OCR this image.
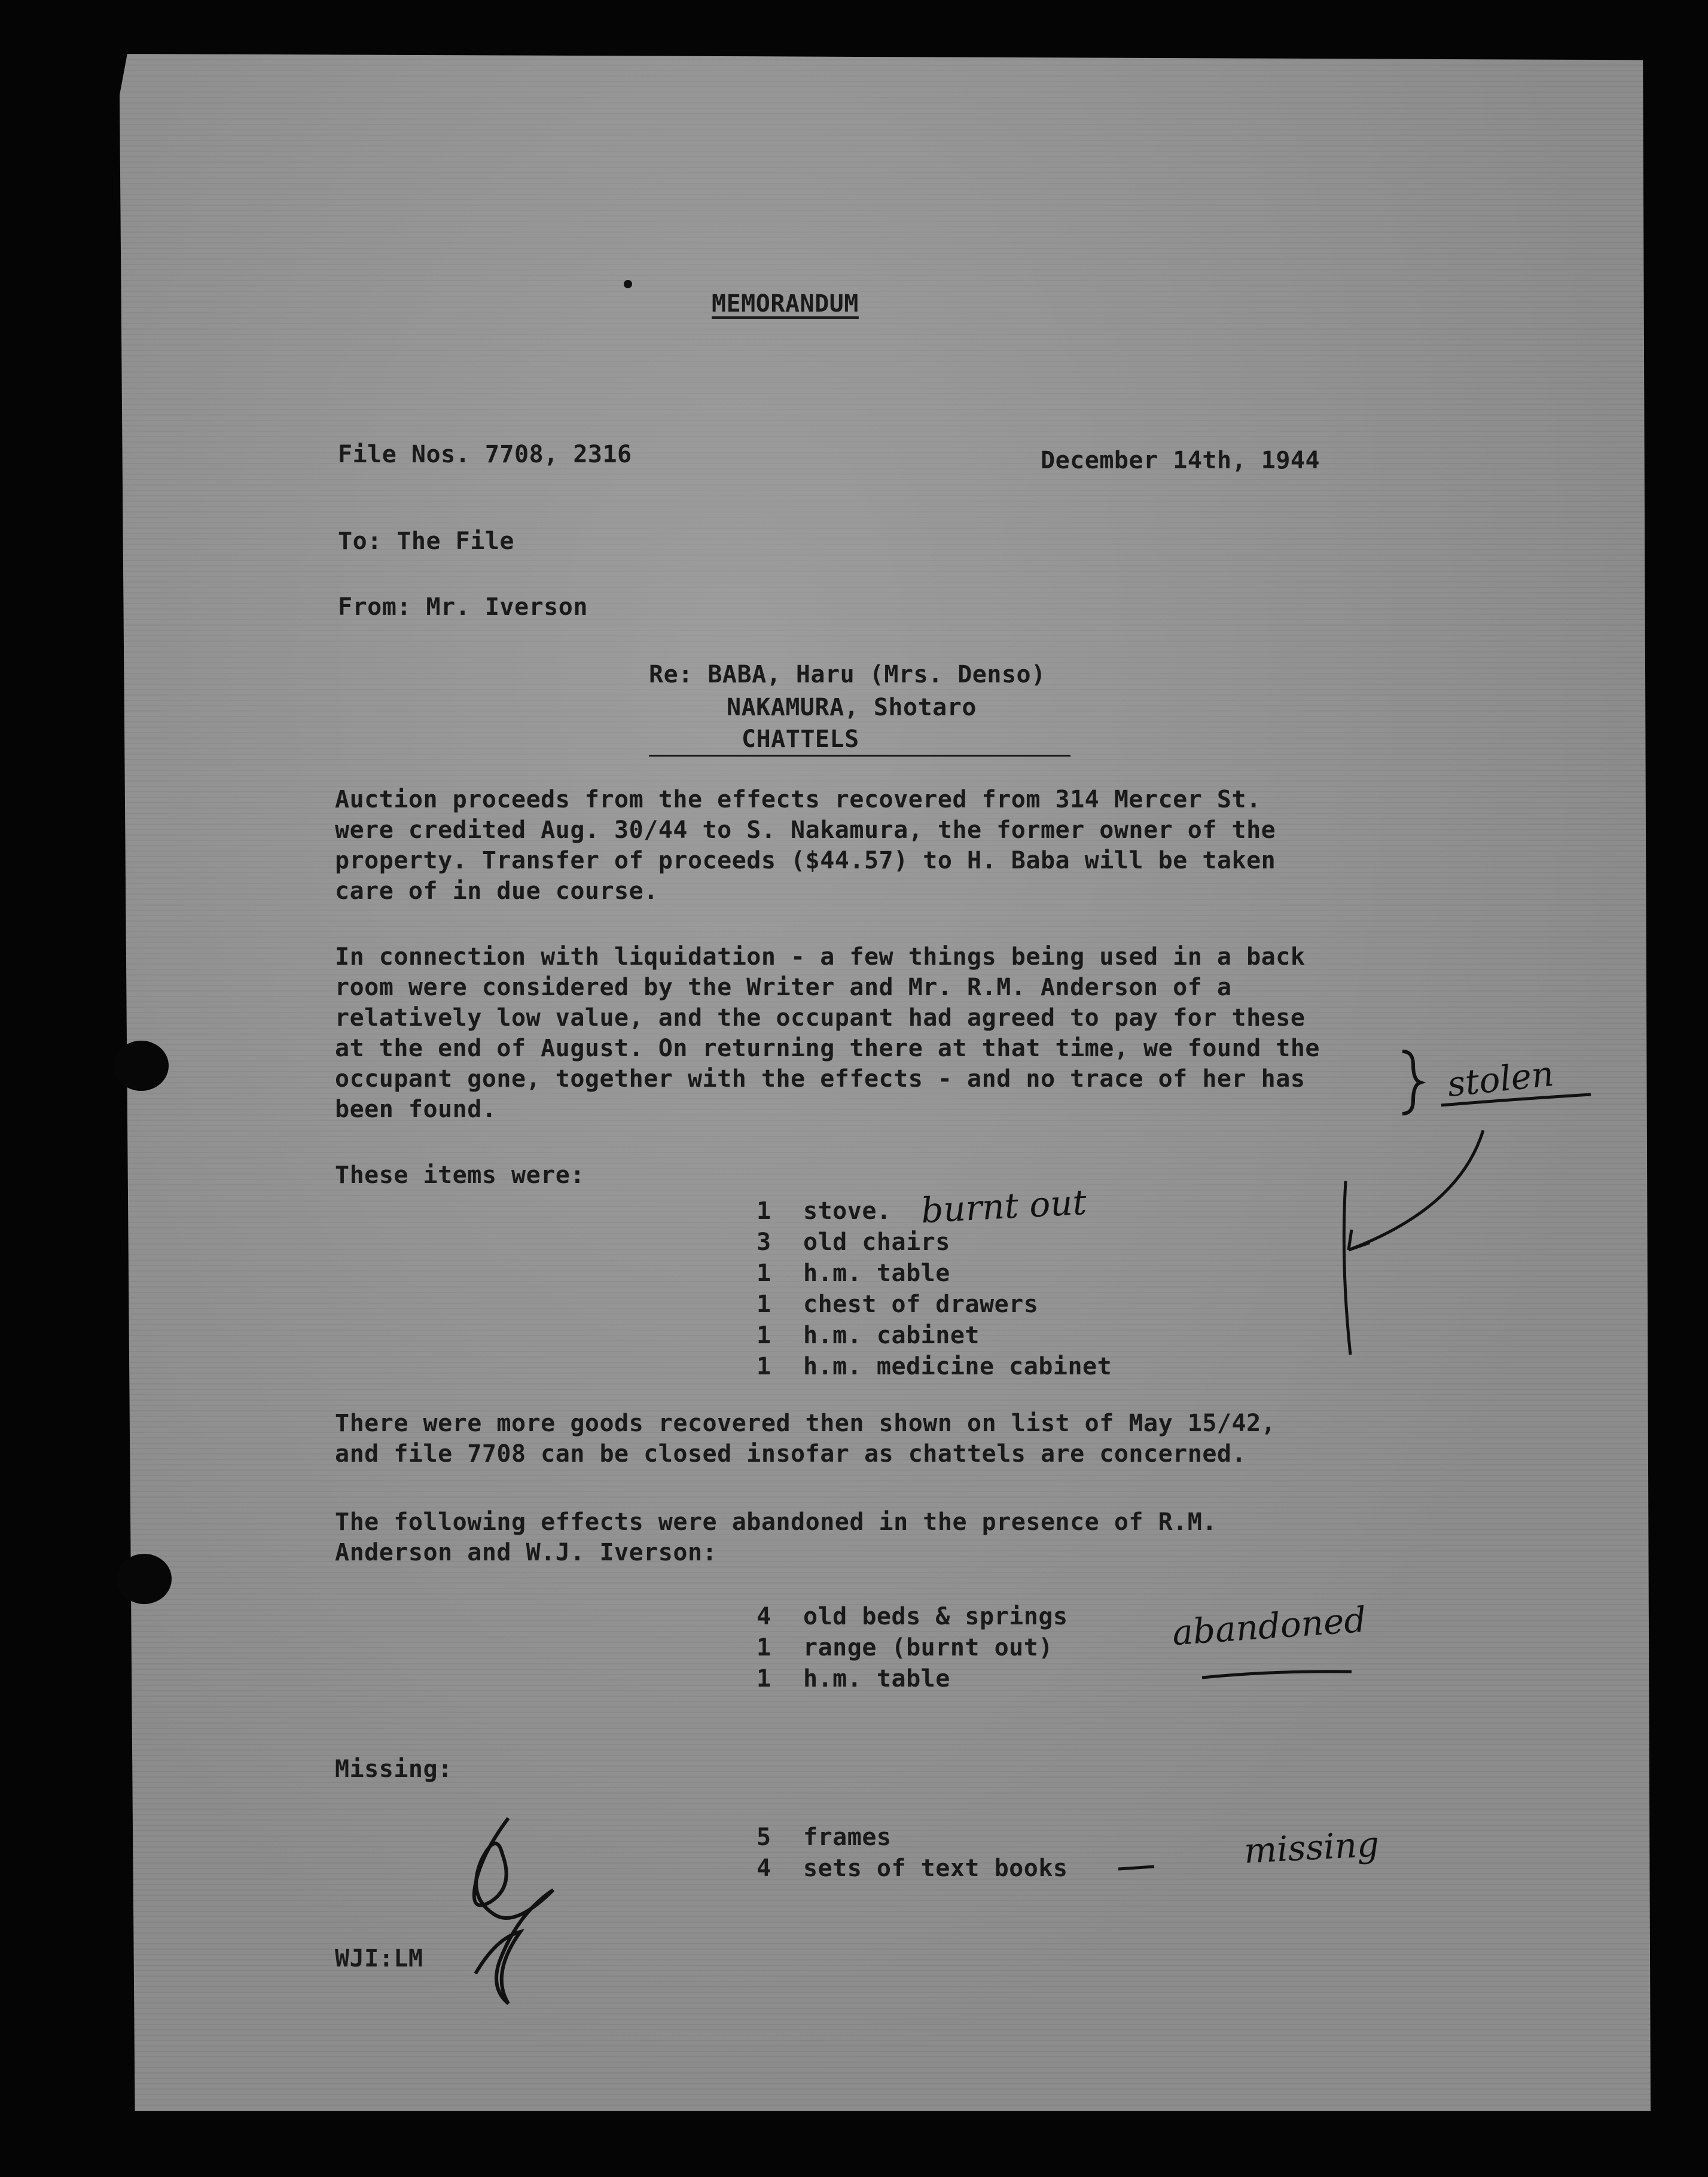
MEMORANDUM
File Nos. 7708, 2316	December 14th, 1944
To: The File
From: Mr. Iverson
Re: BABA, Haru (Mrs. Denso)
NAKAMURA, Shotaro
CHATTELS
Auction proceeds from the effects recovered from 314 Mercer St.
were credited Aug. 30/44 to S. Nakamura, the former owner of the
property. Transfer of proceeds ($44.57) to H. Baba will be taken
care of in due course.
In connection with liquidation - a few things being used in a back
room were considered by the Writer and Mr. R.M. Anderson of a
relatively low value, and the occupant had agreed to pay for these
at the end of August. On returning there at that time, we found the
occupant gone, together with the effects - and no trace of her has
been found.
These items were:
1 stove.
3 old chairs
1 h.m. table
1 chest of drawers
1 h.m. cabinet
1 h.m. medicine cabinet
There were more goods recovered then shown on list of May 15/42,
and file 7708 can be closed insofar as chattels are concerned.
The following effects were abandoned in the presence of R.M.
Anderson and W.J. Iverson:
4 old beds & springs
1 range (burnt out)
1 h.m. table
Missing:
5 frames
4 sets of text books
WJI:LM
burnt out
stolen
abandoned
missing
